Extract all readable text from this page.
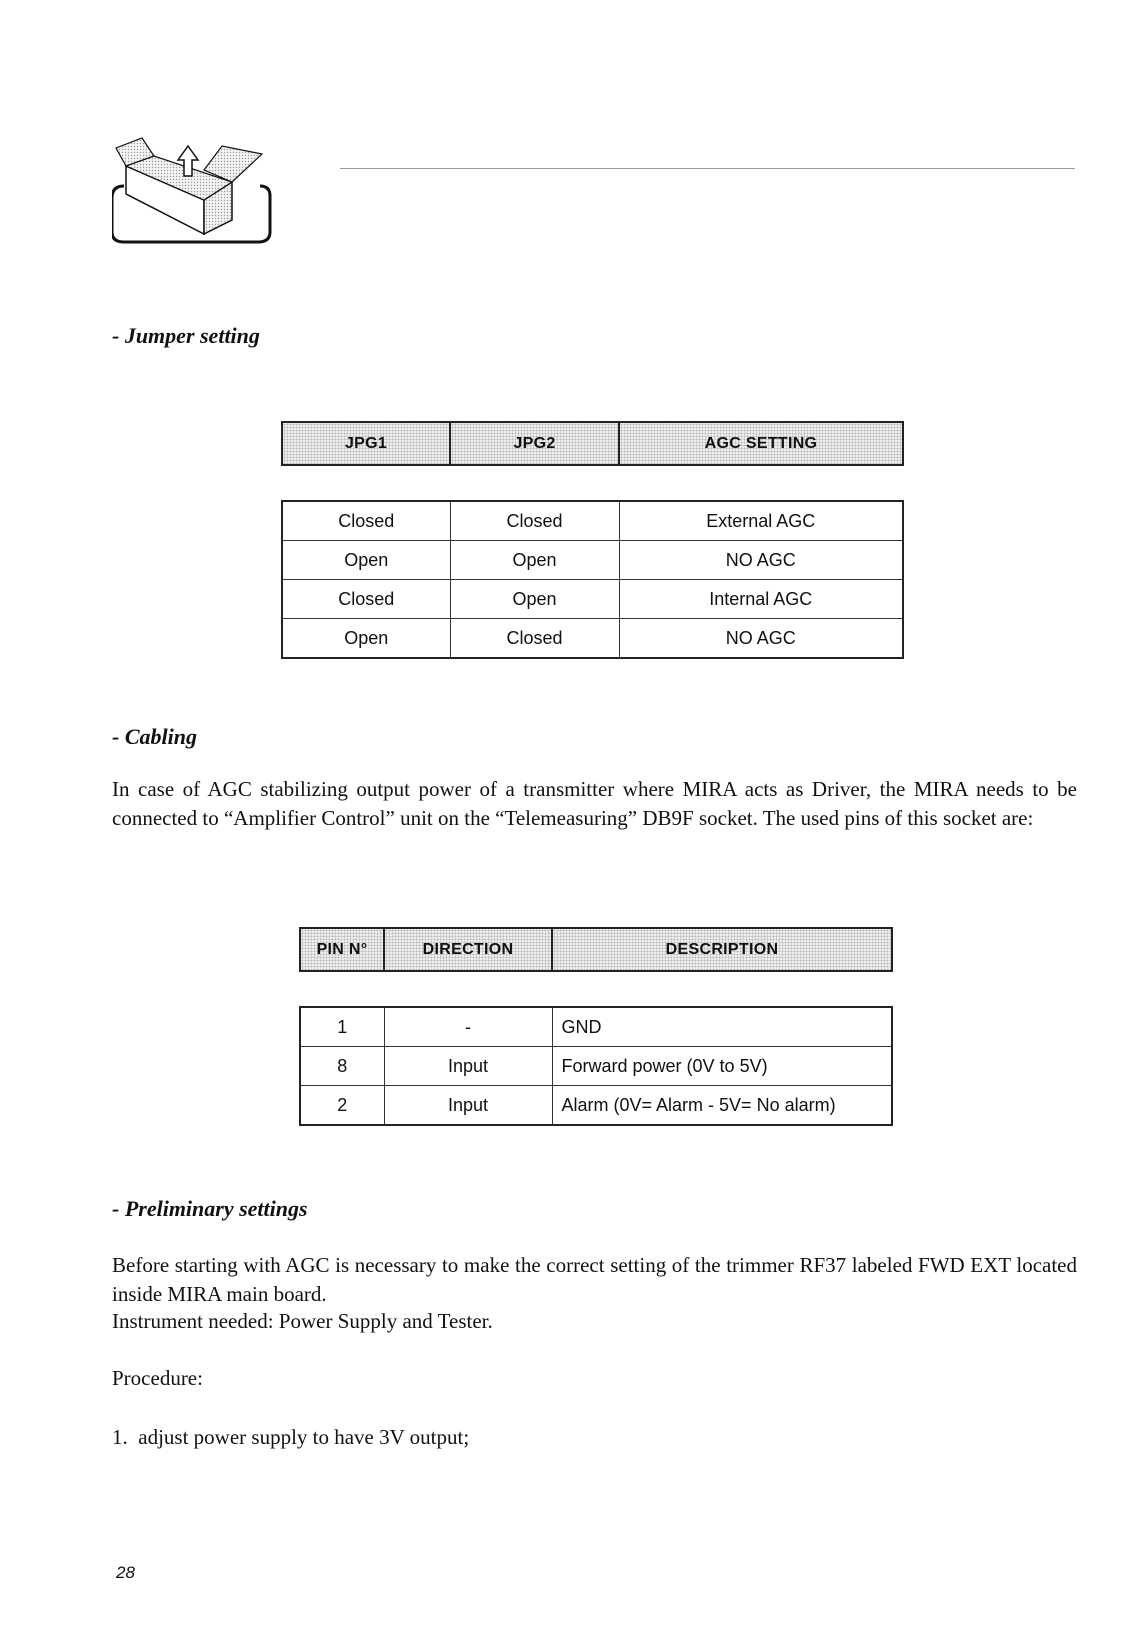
- Jumper setting
JPG1	JPG2	AGC SETTING
Closed	Closed	External AGC
Open	Open	NO AGC
Closed	Open	Internal AGC
Open	Closed	NO AGC
- Cabling

In case of AGC stabilizing output power of a transmitter where MIRA acts as Driver, the MIRA needs to be connected to “Amplifier Control” unit on the “Telemeasuring” DB9F socket. The used pins of this socket are:

PIN N°	DIRECTION	DESCRIPTION
1	-	GND
8	Input	Forward power (0V to 5V)
2	Input	Alarm (0V= Alarm - 5V= No alarm)
- Preliminary settings

Before starting with AGC is necessary to make the correct setting of the trimmer RF37 labeled FWD EXT located inside MIRA main board.

Instrument needed: Power Supply and Tester.

Procedure:

1.  adjust power supply to have 3V output;

28
